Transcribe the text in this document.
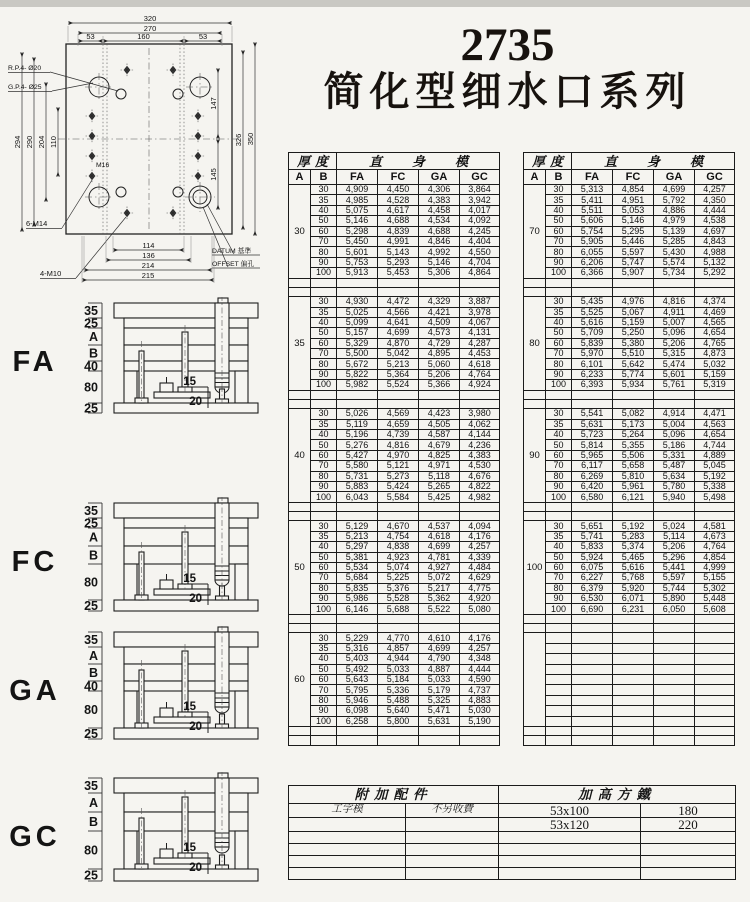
R.P.4- Ø20
G.P.4- Ø25
M16
6-M14
4-M10
DATUM 基準
OFFSET 偏孔
320
270
53	160	53
294 290 204 110
147
145
326 350
114
136
214
215
2735
简化型细水口系列
厚度		直身模			
A	B	FA	FC	GA	GC
30	30	4,909	4,450	4,306	3,864
	35	4,985	4,528	4,383	3,942
	40	5,075	4,617	4,458	4,017
	50	5,146	4,688	4,534	4,092
	60	5,298	4,839	4,688	4,245
	70	5,450	4,991	4,846	4,404
	80	5,601	5,143	4,992	4,550
	90	5,753	5,293	5,146	4,704
	100	5,913	5,453	5,306	4,864

35	30	4,930	4,472	4,329	3,887
	35	5,025	4,566	4,421	3,978
	40	5,099	4,641	4,509	4,067
	50	5,157	4,699	4,573	4,131
	60	5,329	4,870	4,729	4,287
	70	5,500	5,042	4,895	4,453
	80	5,672	5,213	5,060	4,618
	90	5,822	5,364	5,206	4,764
	100	5,982	5,524	5,366	4,924

40	30	5,026	4,569	4,423	3,980
	35	5,119	4,659	4,505	4,062
	40	5,196	4,739	4,587	4,144
	50	5,276	4,816	4,679	4,236
	60	5,427	4,970	4,825	4,383
	70	5,580	5,121	4,971	4,530
	80	5,731	5,273	5,118	4,676
	90	5,883	5,424	5,265	4,822
	100	6,043	5,584	5,425	4,982

50	30	5,129	4,670	4,537	4,094
	35	5,213	4,754	4,618	4,176
	40	5,297	4,838	4,699	4,257
	50	5,381	4,923	4,781	4,339
	60	5,534	5,074	4,927	4,484
	70	5,684	5,225	5,072	4,629
	80	5,835	5,376	5,217	4,775
	90	5,986	5,528	5,362	4,920
	100	6,146	5,688	5,522	5,080

60	30	5,229	4,770	4,610	4,176
	35	5,316	4,857	4,699	4,257
	40	5,403	4,944	4,790	4,348
	50	5,492	5,033	4,887	4,444
	60	5,643	5,184	5,033	4,590
	70	5,795	5,336	5,179	4,737
	80	5,946	5,488	5,325	4,883
	90	6,098	5,640	5,471	5,030
	100	6,258	5,800	5,631	5,190

厚度		直身模			
A	B	FA	FC	GA	GC
70	30	5,313	4,854	4,699	4,257
	35	5,411	4,951	5,792	4,350
	40	5,511	5,053	4,886	4,444
	50	5,606	5,146	4,979	4,538
	60	5,754	5,295	5,139	4,697
	70	5,905	5,446	5,285	4,843
	80	6,055	5,597	5,430	4,988
	90	6,206	5,747	5,574	5,132
	100	6,366	5,907	5,734	5,292

80	30	5,435	4,976	4,816	4,374
	35	5,525	5,067	4,911	4,469
	40	5,616	5,159	5,007	4,565
	50	5,709	5,250	5,096	4,654
	60	5,839	5,380	5,206	4,765
	70	5,970	5,510	5,315	4,873
	80	6,101	5,642	5,474	5,032
	90	6,233	5,774	5,601	5,159
	100	6,393	5,934	5,761	5,319

90	30	5,541	5,082	4,914	4,471
	35	5,631	5,173	5,004	4,563
	40	5,723	5,264	5,096	4,654
	50	5,814	5,355	5,186	4,744
	60	5,965	5,506	5,331	4,889
	70	6,117	5,658	5,487	5,045
	80	6,269	5,810	5,634	5,192
	90	6,420	5,961	5,780	5,338
	100	6,580	6,121	5,940	5,498

100	30	5,651	5,192	5,024	4,581
	35	5,741	5,283	5,114	4,673
	40	5,833	5,374	5,206	4,764
	50	5,924	5,465	5,296	4,854
	60	6,075	5,616	5,441	4,999
	70	6,227	5,768	5,597	5,155
	80	6,379	5,920	5,744	5,302
	90	6,530	6,071	5,890	5,448
	100	6,690	6,231	6,050	5,608

附加配件		加高方鐵	
工字模	不另收費	53x100	180
		53x120	220

FA
35
25
A
B
40
80
25
15
20
FC
35
25
A
B
80
25
15
20
GA
35
A
B
40
80
25
15
20
GC
35
A
B
80
25
15
20
